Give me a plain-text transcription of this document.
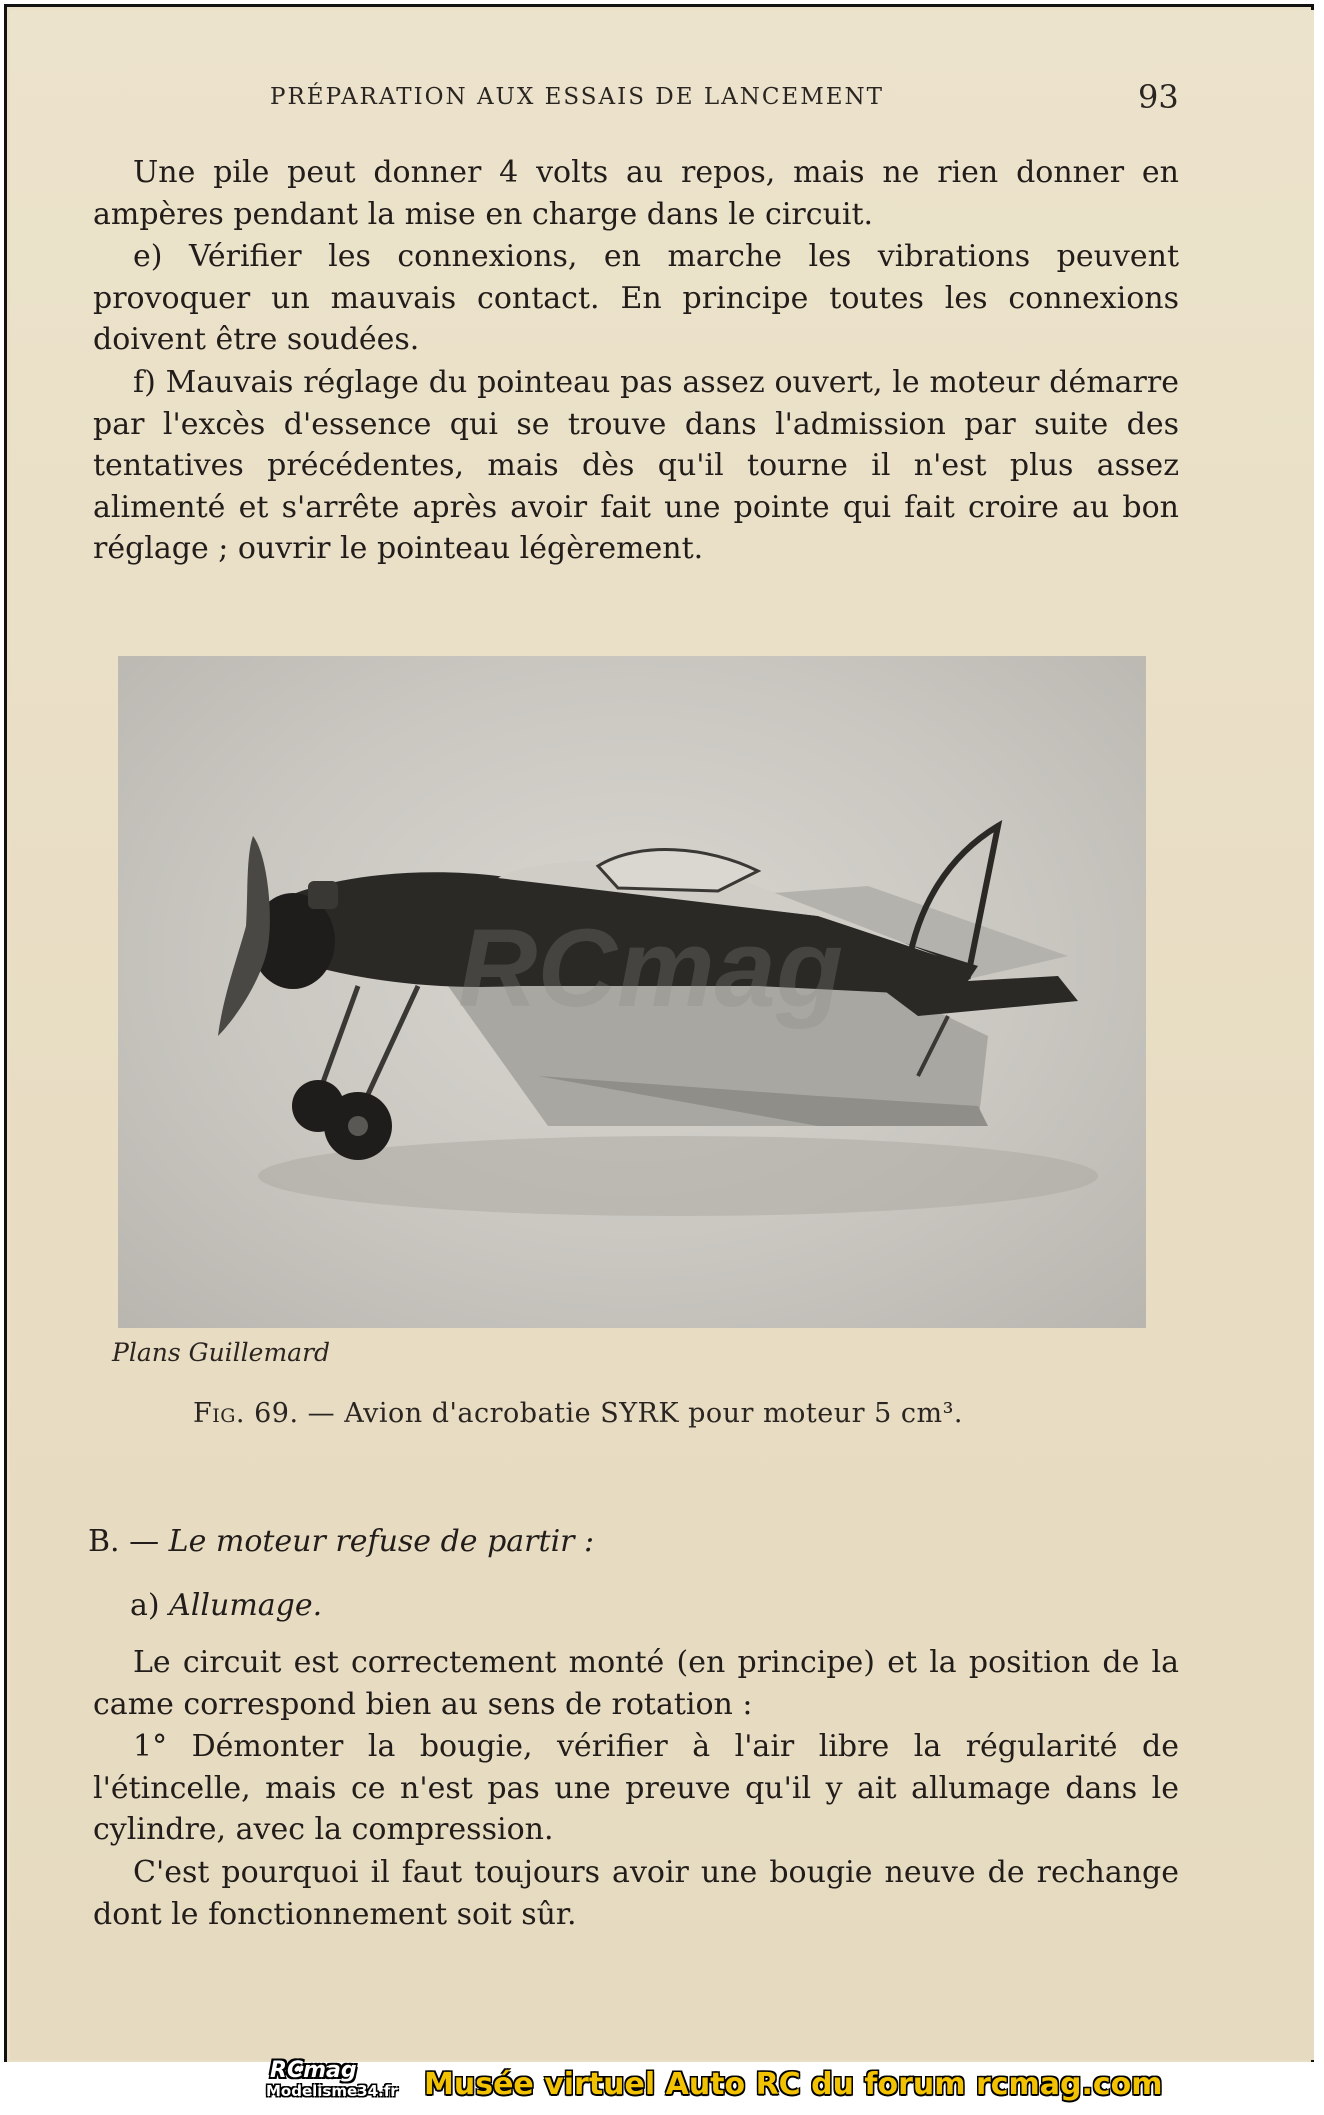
PRÉPARATION AUX ESSAIS DE LANCEMENT	93

Une pile peut donner 4 volts au repos, mais ne rien donner en ampères pendant la mise en charge dans le circuit.

e) Vérifier les connexions, en marche les vibrations peuvent provoquer un mauvais contact. En principe toutes les connexions doivent être soudées.

f) Mauvais réglage du pointeau pas assez ouvert, le moteur démarre par l'excès d'essence qui se trouve dans l'admission par suite des tentatives précédentes, mais dès qu'il tourne il n'est plus assez alimenté et s'arrête après avoir fait une pointe qui fait croire au bon réglage ; ouvrir le pointeau légèrement.

RCmag
Plans Guillemard
Fig. 69. — Avion d'acrobatie SYRK pour moteur 5 cm³.
B. — Le moteur refuse de partir :
a) Allumage.

Le circuit est correctement monté (en principe) et la position de la came correspond bien au sens de rotation :

1° Démonter la bougie, vérifier à l'air libre la régularité de l'étincelle, mais ce n'est pas une preuve qu'il y ait allumage dans le cylindre, avec la compression.

C'est pourquoi il faut toujours avoir une bougie neuve de rechange dont le fonctionnement soit sûr.

RCmag
Modelisme34.fr Musée virtuel Auto RC du forum rcmag.com
